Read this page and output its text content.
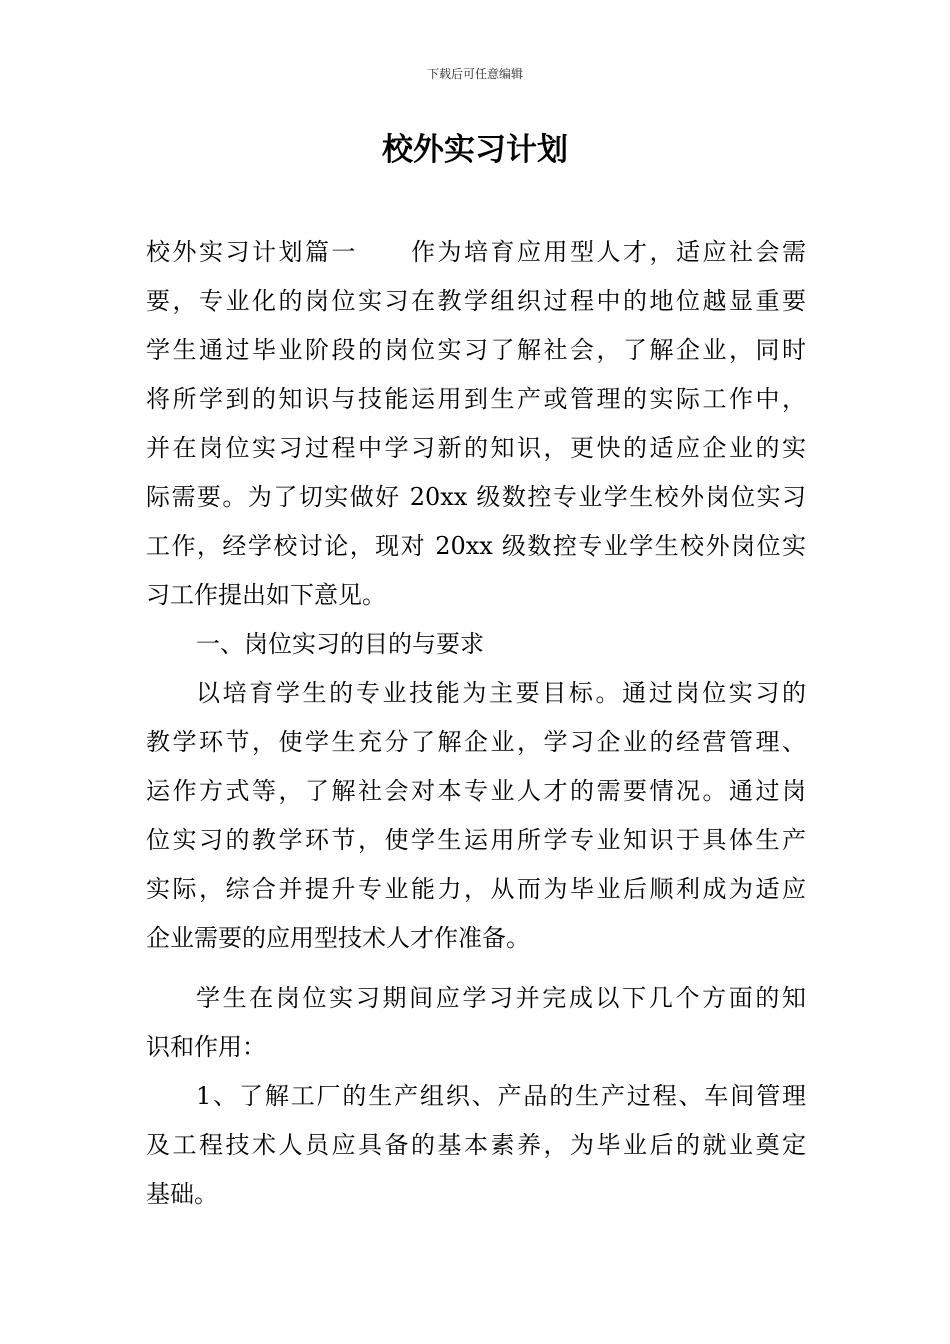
下载后可任意编辑
校外实习计划
校外实习计划篇一　　作为培育应用型人才，适应社会需
要，专业化的岗位实习在教学组织过程中的地位越显重要
学生通过毕业阶段的岗位实习了解社会，了解企业，同时
将所学到的知识与技能运用到生产或管理的实际工作中，
并在岗位实习过程中学习新的知识，更快的适应企业的实
际需要。为了切实做好 20xx 级数控专业学生校外岗位实习
工作，经学校讨论，现对 20xx 级数控专业学生校外岗位实
习工作提出如下意见。
一、岗位实习的目的与要求
以培育学生的专业技能为主要目标。通过岗位实习的
教学环节，使学生充分了解企业，学习企业的经营管理、
运作方式等，了解社会对本专业人才的需要情况。通过岗
位实习的教学环节，使学生运用所学专业知识于具体生产
实际，综合并提升专业能力，从而为毕业后顺利成为适应
企业需要的应用型技术人才作准备。
学生在岗位实习期间应学习并完成以下几个方面的知
识和作用：
1、了解工厂的生产组织、产品的生产过程、车间管理
及工程技术人员应具备的基本素养，为毕业后的就业奠定
基础。
